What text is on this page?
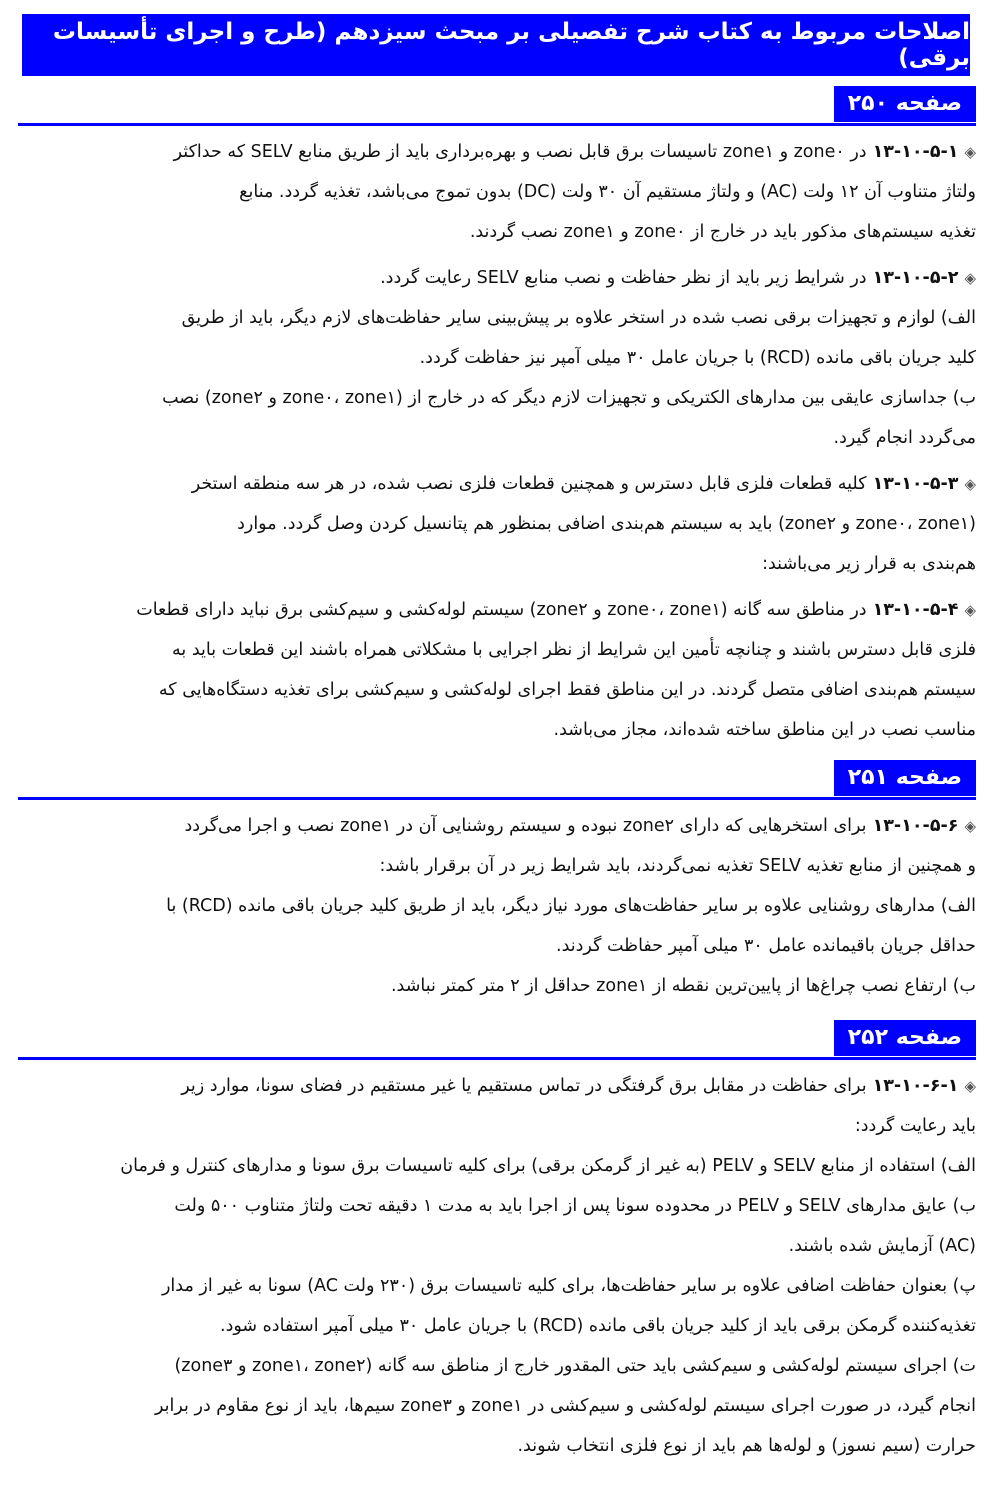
اصلاحات مربوط به کتاب شرح تفصیلی بر مبحث سیزدهم (طرح و اجرای تأسیسات برقی)
صفحه ۲۵۰
◈۱۳-۱۰-۵-۱در zone۰ و zone۱ تاسیسات برق قابل نصب و بهره‌برداری باید از طریق منابع SELV که حداکثر
ولتاژ متناوب آن ۱۲ ولت (AC) و ولتاژ مستقیم آن ۳۰ ولت (DC) بدون تموج می‌باشد، تغذیه گردد. منابع
تغذیه سیستم‌های مذکور باید در خارج از zone۰ و zone۱ نصب گردند.
◈۱۳-۱۰-۵-۲در شرایط زیر باید از نظر حفاظت و نصب منابع SELV رعایت گردد.
الف) لوازم و تجهیزات برقی نصب شده در استخر علاوه بر پیش‌بینی سایر حفاظت‌های لازم دیگر، باید از طریق
کلید جریان باقی مانده (RCD) با جریان عامل ۳۰ میلی آمپر نیز حفاظت گردد.
ب) جداسازی عایقی بین مدارهای الکتریکی و تجهیزات لازم دیگر که در خارج از (zone۰، zone۱ و zone۲) نصب
می‌گردد انجام گیرد.
◈۱۳-۱۰-۵-۳کلیه قطعات فلزی قابل دسترس و همچنین قطعات فلزی نصب شده، در هر سه منطقه استخر
(zone۰، zone۱ و zone۲) باید به سیستم هم‌بندی اضافی بمنظور هم پتانسیل کردن وصل گردد. موارد
هم‌بندی به قرار زیر می‌باشند:
◈۱۳-۱۰-۵-۴در مناطق سه گانه (zone۰، zone۱ و zone۲) سیستم لوله‌کشی و سیم‌کشی برق نباید دارای قطعات
فلزی قابل دسترس باشند و چنانچه تأمین این شرایط از نظر اجرایی با مشکلاتی همراه باشند این قطعات باید به
سیستم هم‌بندی اضافی متصل گردند. در این مناطق فقط اجرای لوله‌کشی و سیم‌کشی برای تغذیه دستگاه‌هایی که
مناسب نصب در این مناطق ساخته شده‌اند، مجاز می‌باشد.
صفحه ۲۵۱
◈۱۳-۱۰-۵-۶برای استخرهایی که دارای zone۲ نبوده و سیستم روشنایی آن در zone۱ نصب و اجرا می‌گردد
و همچنین از منابع تغذیه SELV تغذیه نمی‌گردند، باید شرایط زیر در آن برقرار باشد:
الف) مدارهای روشنایی علاوه بر سایر حفاظت‌های مورد نیاز دیگر، باید از طریق کلید جریان باقی مانده (RCD) با
حداقل جریان باقیمانده عامل ۳۰ میلی آمپر حفاظت گردند.
ب) ارتفاع نصب چراغ‌ها از پایین‌ترین نقطه از zone۱ حداقل از ۲ متر کمتر نباشد.
صفحه ۲۵۲
◈۱۳-۱۰-۶-۱برای حفاظت در مقابل برق گرفتگی در تماس مستقیم یا غیر مستقیم در فضای سونا، موارد زیر
باید رعایت گردد:
الف) استفاده از منابع SELV و PELV (به غیر از گرمکن برقی) برای کلیه تاسیسات برق سونا و مدارهای کنترل و فرمان
ب) عایق مدارهای SELV و PELV در محدوده سونا پس از اجرا باید به مدت ۱ دقیقه تحت ولتاژ متناوب ۵۰۰ ولت
(AC) آزمایش شده باشند.
پ) بعنوان حفاظت اضافی علاوه بر سایر حفاظت‌ها، برای کلیه تاسیسات برق (۲۳۰ ولت AC) سونا به غیر از مدار
تغذیه‌کننده گرمکن برقی باید از کلید جریان باقی مانده (RCD) با جریان عامل ۳۰ میلی آمپر استفاده شود.
ت) اجرای سیستم لوله‌کشی و سیم‌کشی باید حتی المقدور خارج از مناطق سه گانه (zone۱، zone۲ و zone۳)
انجام گیرد، در صورت اجرای سیستم لوله‌کشی و سیم‌کشی در zone۱ و zone۳ سیم‌ها، باید از نوع مقاوم در برابر
حرارت (سیم نسوز) و لوله‌ها هم باید از نوع فلزی انتخاب شوند.
